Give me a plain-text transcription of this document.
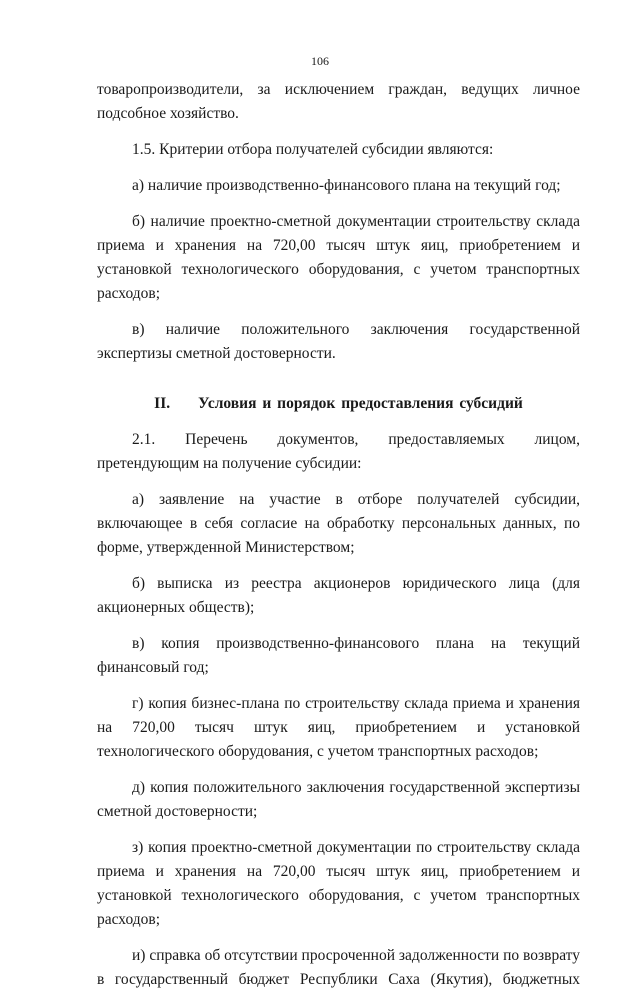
106

товаропроизводители, за исключением граждан, ведущих личное подсобное хозяйство.

1.5. Критерии отбора получателей субсидии являются:

а) наличие производственно-финансового плана на текущий год;

б) наличие проектно-сметной документации строительству склада приема и хранения на 720,00 тысяч штук яиц, приобретением и установкой технологического оборудования, с учетом транспортных расходов;

в) наличие положительного заключения государственной экспертизы сметной достоверности.

II. Условия и порядок предоставления субсидий

2.1. Перечень документов, предоставляемых лицом, претендующим на получение субсидии:

а) заявление на участие в отборе получателей субсидии, включающее в себя согласие на обработку персональных данных, по форме, утвержденной Министерством;

б) выписка из реестра акционеров юридического лица (для акционерных обществ);

в) копия производственно-финансового плана на текущий финансовый год;

г) копия бизнес-плана по строительству склада приема и хранения на 720,00 тысяч штук яиц, приобретением и установкой технологического оборудования, с учетом транспортных расходов;

д) копия положительного заключения государственной экспертизы сметной достоверности;

з) копия проектно-сметной документации по строительству склада приема и хранения на 720,00 тысяч штук яиц, приобретением и установкой технологического оборудования, с учетом транспортных расходов;

и) справка об отсутствии просроченной задолженности по возврату в государственный бюджет Республики Саха (Якутия), бюджетных
